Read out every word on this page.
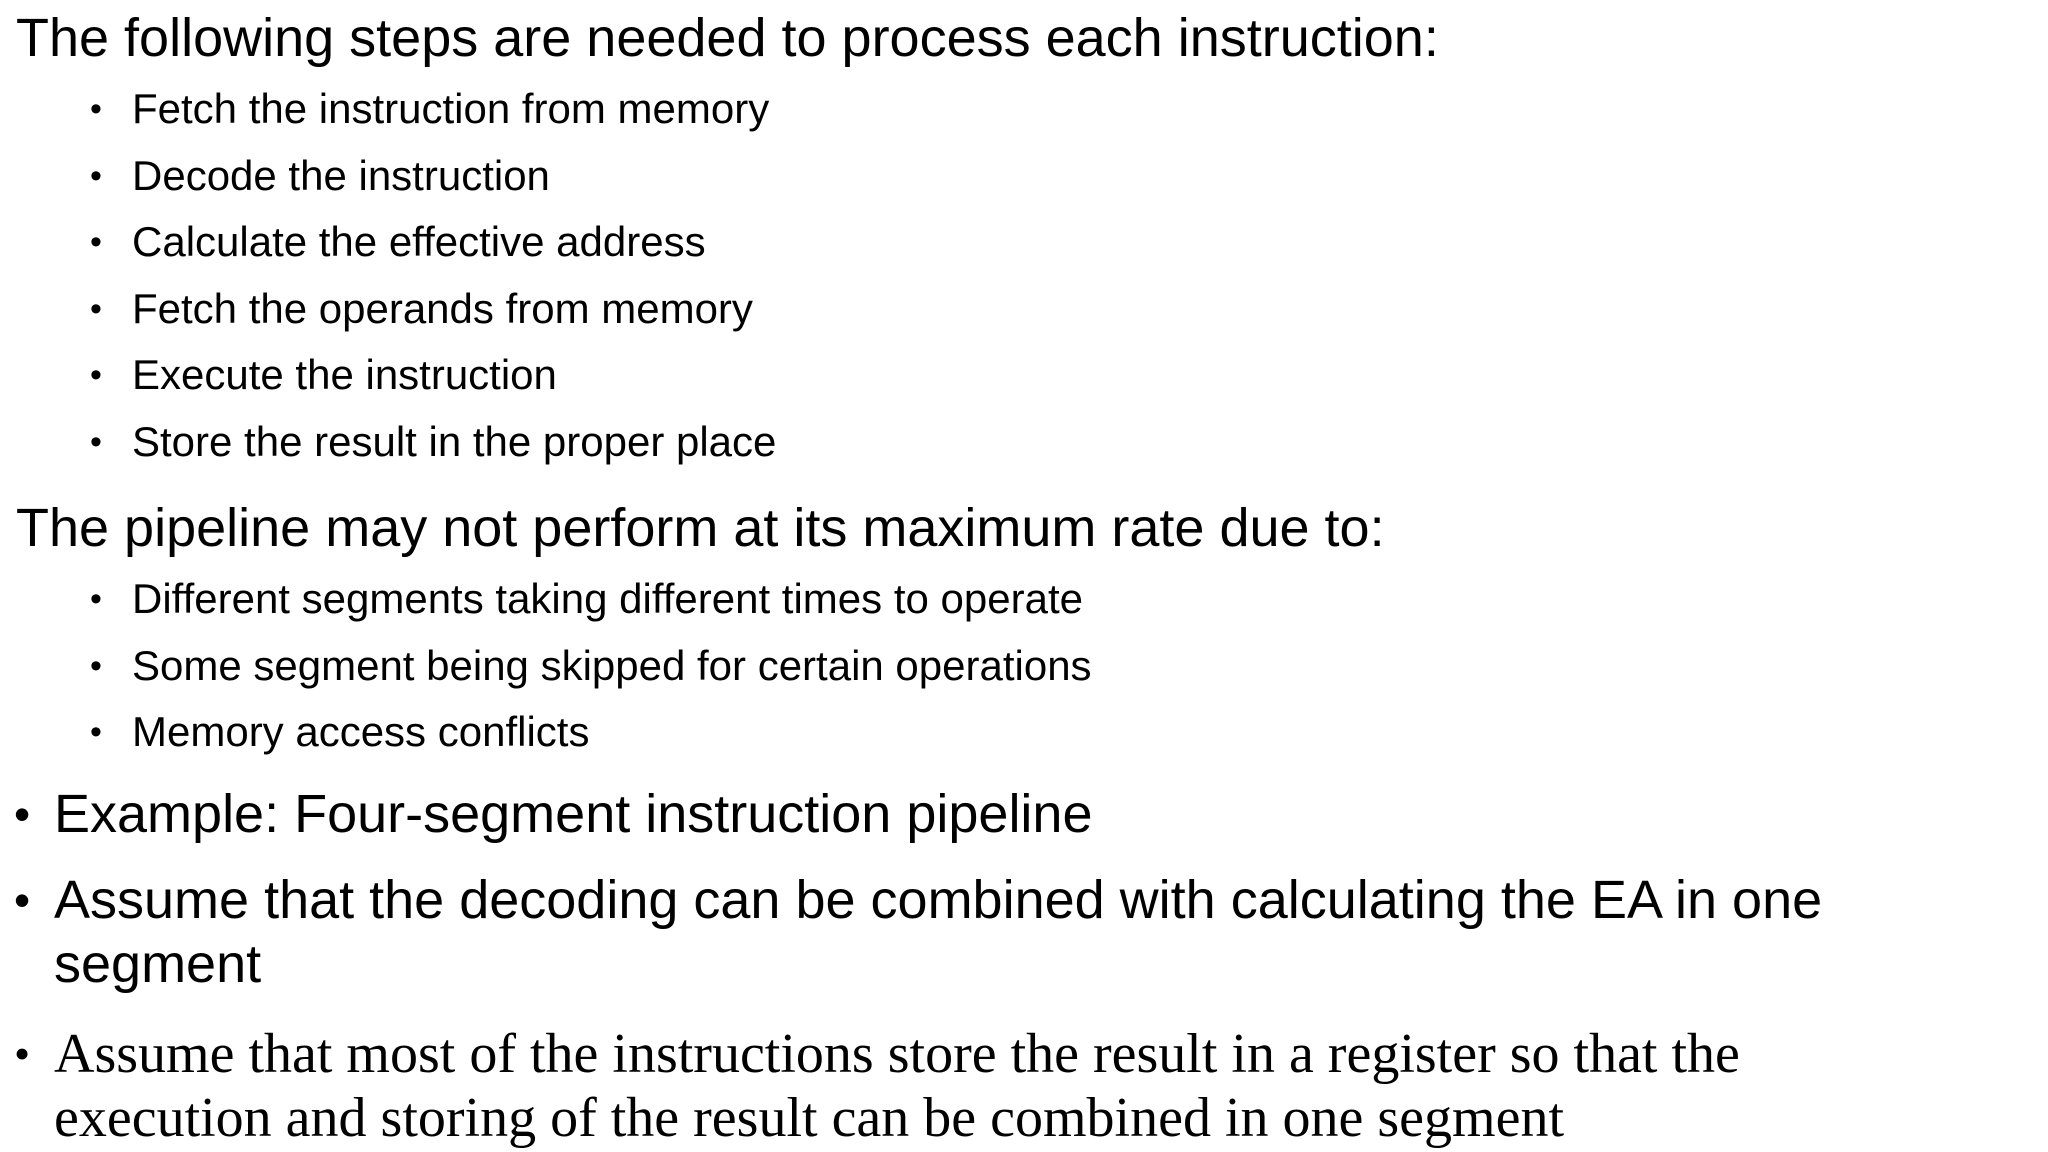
The following steps are needed to process each instruction:

• Fetch the instruction from memory
• Decode the instruction
• Calculate the effective address
• Fetch the operands from memory
• Execute the instruction
• Store the result in the proper place

The pipeline may not perform at its maximum rate due to:

• Different segments taking different times to operate
• Some segment being skipped for certain operations
• Memory access conflicts

• Example: Four-segment instruction pipeline

• Assume that the decoding can be combined with calculating the EA in one segment

• Assume that most of the instructions store the result in a register so that the execution and storing of the result can be combined in one segment
